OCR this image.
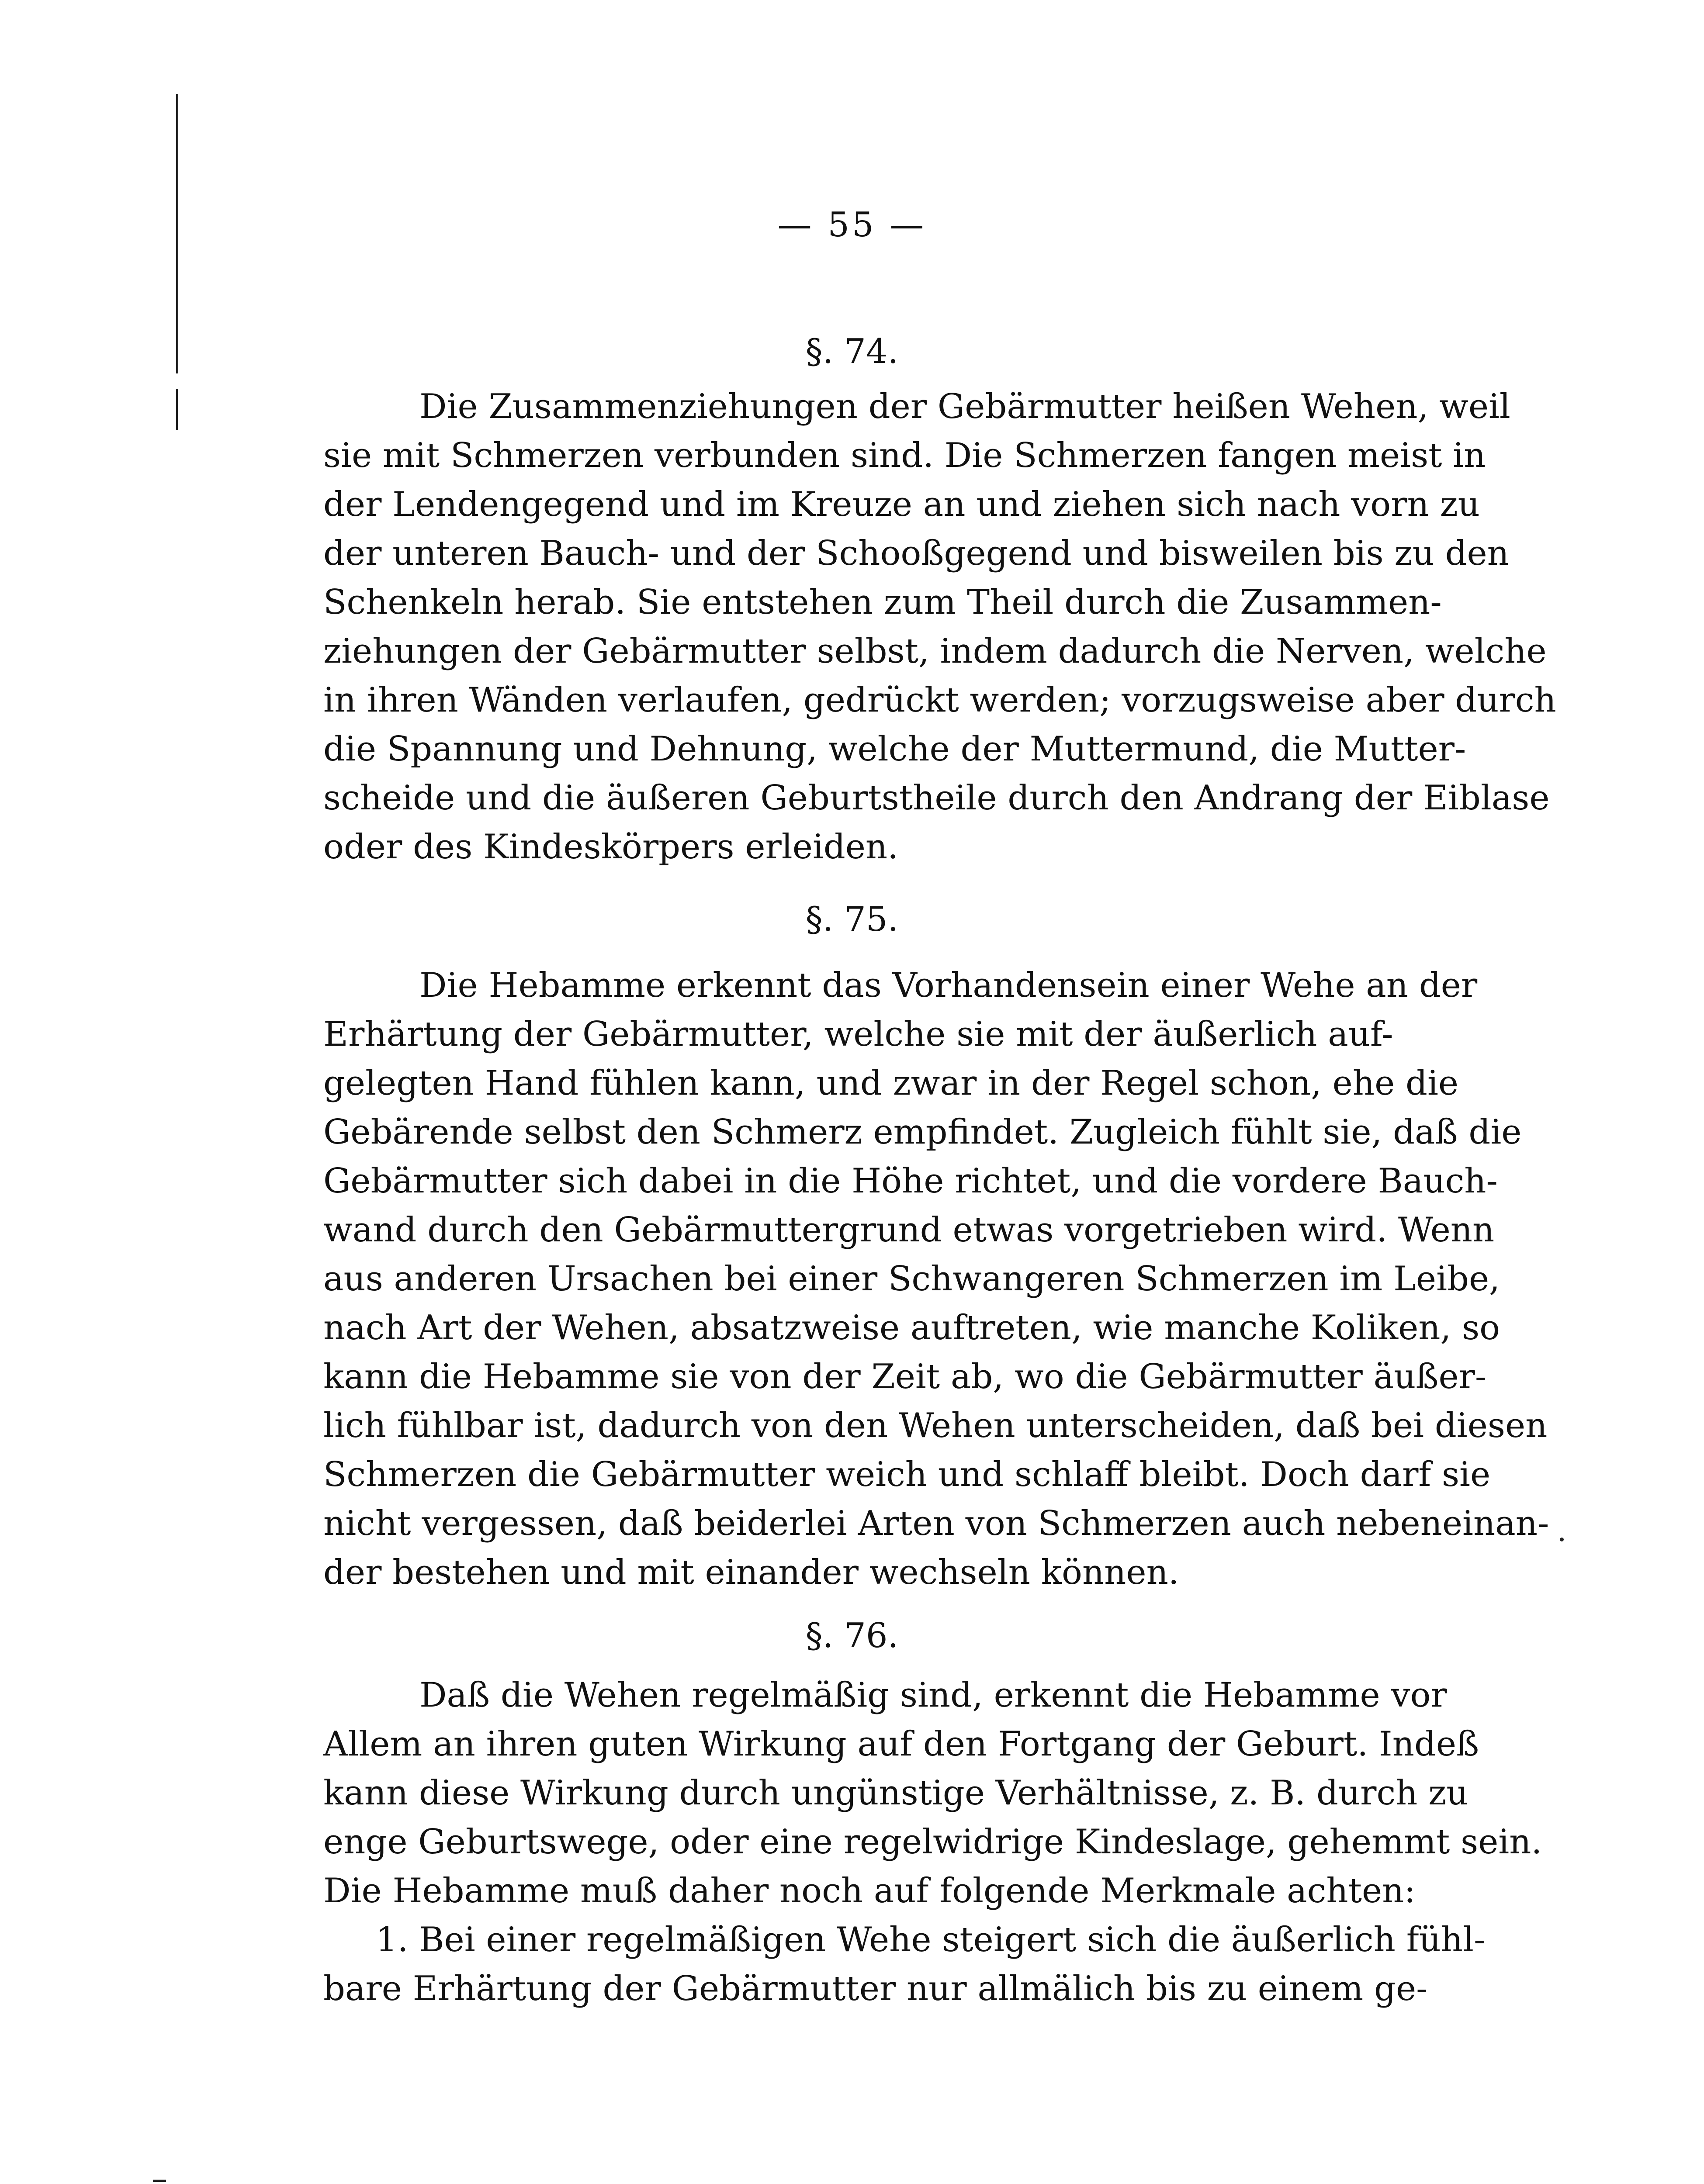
— 55 —
§. 74.
Die Zusammenziehungen der Gebärmutter heißen Wehen, weil
sie mit Schmerzen verbunden sind. Die Schmerzen fangen meist in
der Lendengegend und im Kreuze an und ziehen sich nach vorn zu
der unteren Bauch- und der Schooßgegend und bisweilen bis zu den
Schenkeln herab. Sie entstehen zum Theil durch die Zusammen-
ziehungen der Gebärmutter selbst, indem dadurch die Nerven, welche
in ihren Wänden verlaufen, gedrückt werden; vorzugsweise aber durch
die Spannung und Dehnung, welche der Muttermund, die Mutter-
scheide und die äußeren Geburtstheile durch den Andrang der Eiblase
oder des Kindeskörpers erleiden.
§. 75.
Die Hebamme erkennt das Vorhandensein einer Wehe an der
Erhärtung der Gebärmutter, welche sie mit der äußerlich auf-
gelegten Hand fühlen kann, und zwar in der Regel schon, ehe die
Gebärende selbst den Schmerz empfindet. Zugleich fühlt sie, daß die
Gebärmutter sich dabei in die Höhe richtet, und die vordere Bauch-
wand durch den Gebärmuttergrund etwas vorgetrieben wird. Wenn
aus anderen Ursachen bei einer Schwangeren Schmerzen im Leibe,
nach Art der Wehen, absatzweise auftreten, wie manche Koliken, so
kann die Hebamme sie von der Zeit ab, wo die Gebärmutter äußer-
lich fühlbar ist, dadurch von den Wehen unterscheiden, daß bei diesen
Schmerzen die Gebärmutter weich und schlaff bleibt. Doch darf sie
nicht vergessen, daß beiderlei Arten von Schmerzen auch nebeneinan-
der bestehen und mit einander wechseln können.
§. 76.
Daß die Wehen regelmäßig sind, erkennt die Hebamme vor
Allem an ihren guten Wirkung auf den Fortgang der Geburt. Indeß
kann diese Wirkung durch ungünstige Verhältnisse, z. B. durch zu
enge Geburtswege, oder eine regelwidrige Kindeslage, gehemmt sein.
Die Hebamme muß daher noch auf folgende Merkmale achten:
1. Bei einer regelmäßigen Wehe steigert sich die äußerlich fühl-
bare Erhärtung der Gebärmutter nur allmälich bis zu einem ge-
